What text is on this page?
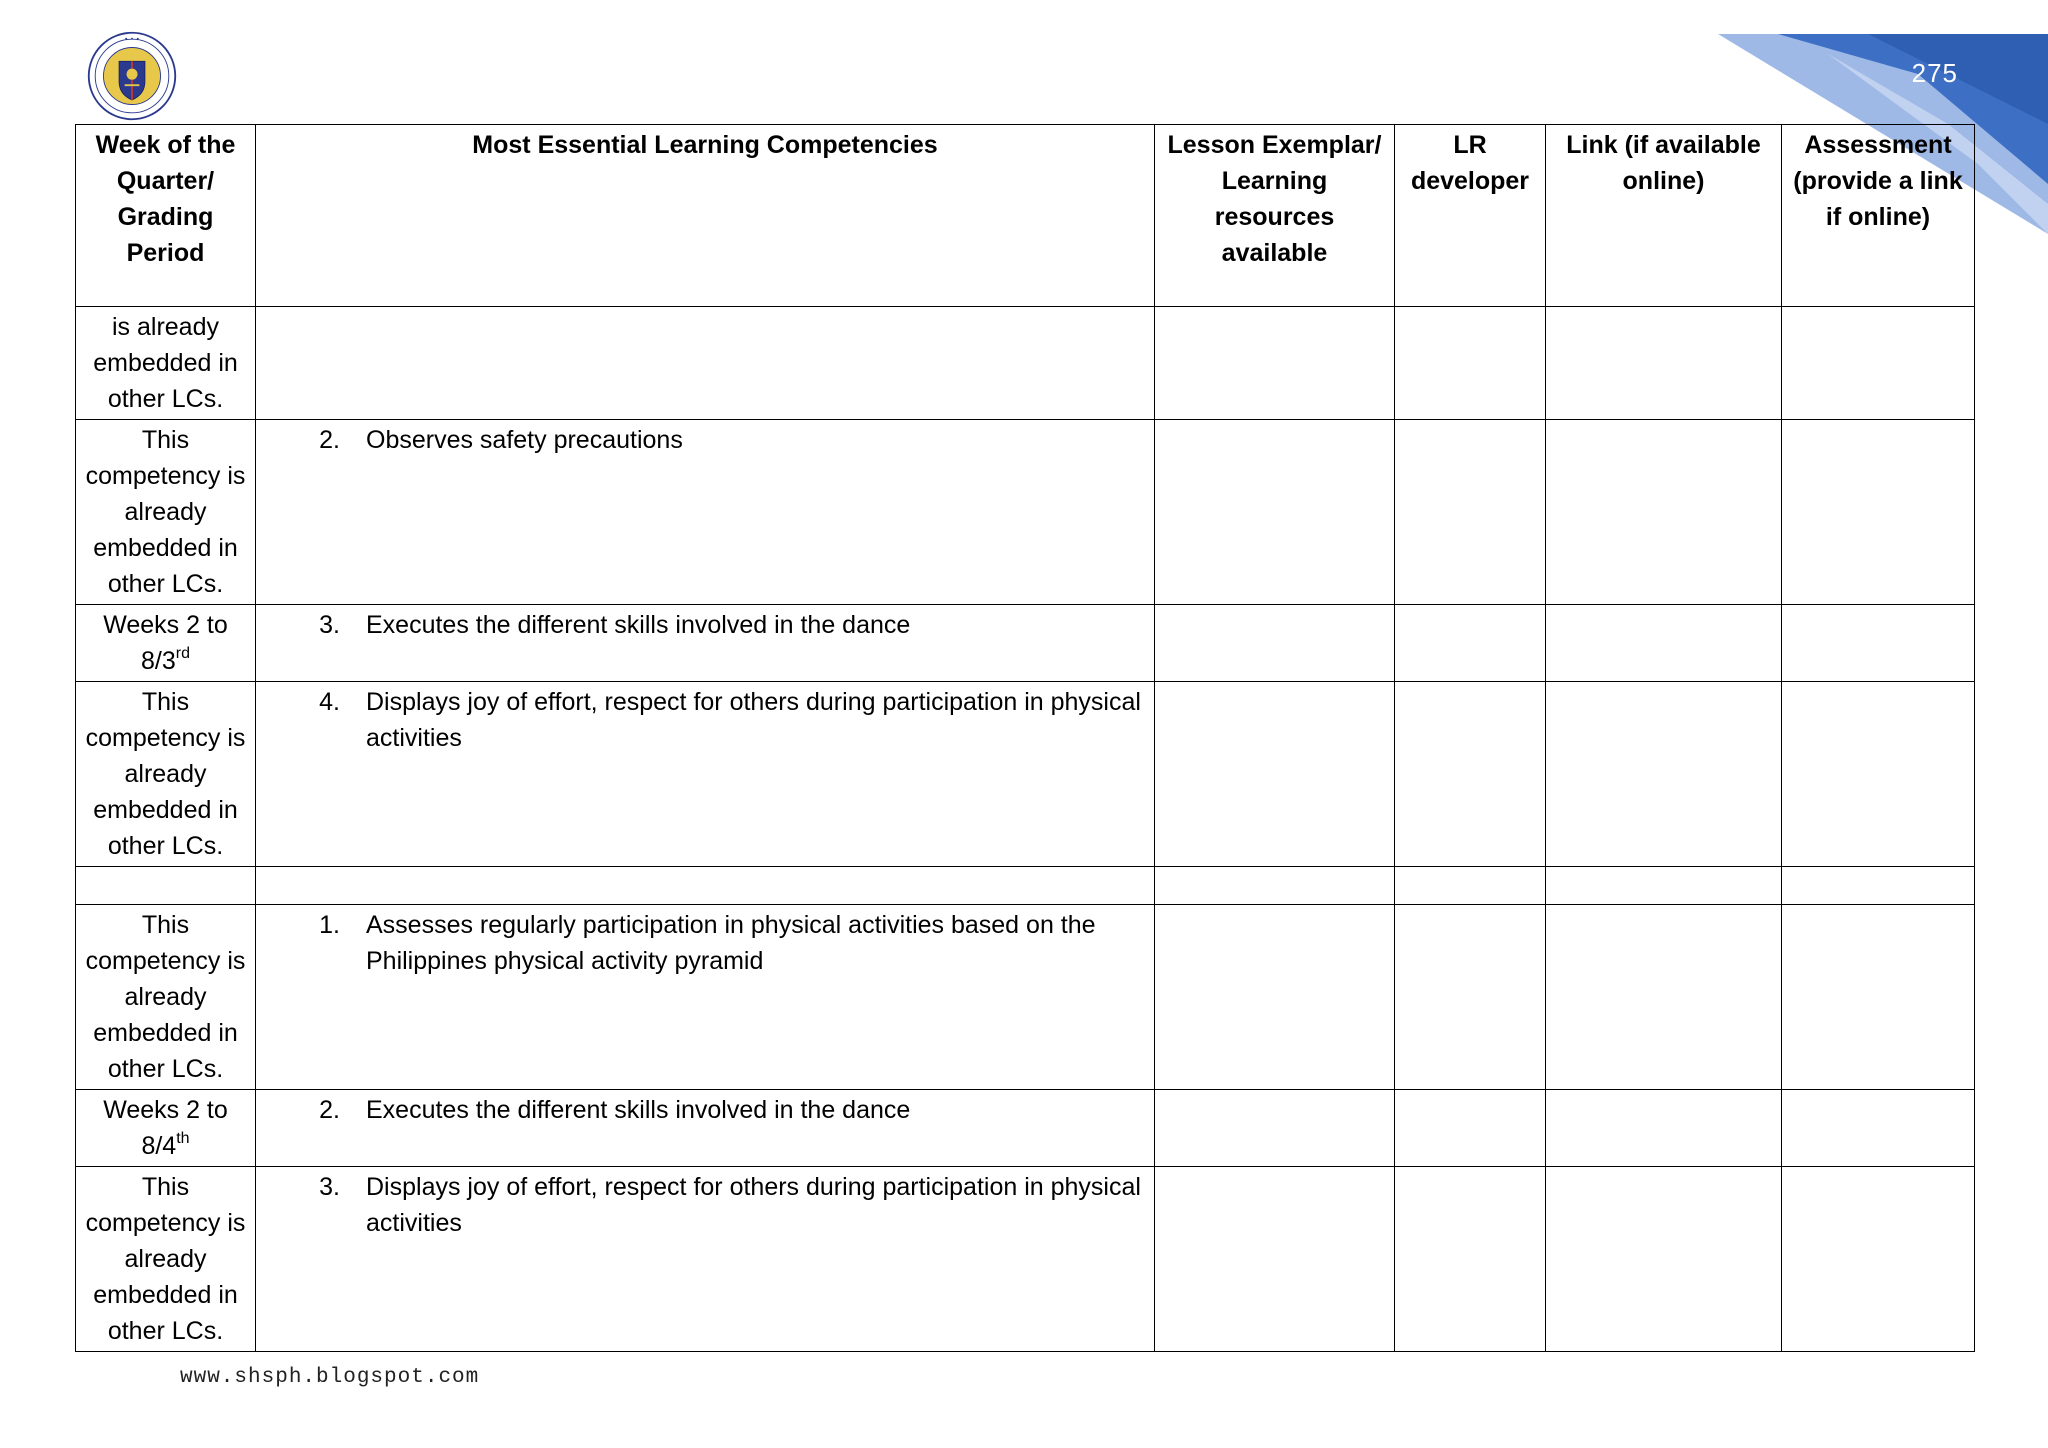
• • •
275
Week of the Quarter/ Grading Period	Most Essential Learning Competencies	Lesson Exemplar/ Learning resources available	LR developer	Link (if available online)	Assessment (provide a link if online)
is already embedded in other LCs.					
This competency is already embedded in other LCs.	2. Observes safety precautions				

Weeks 2 to 8/3rd	3. Executes the different skills involved in the dance				

This competency is already embedded in other LCs.	4. Displays joy of effort, respect for others during participation in physical activities				

This competency is already embedded in other LCs.	1. Assesses regularly participation in physical activities based on the Philippines physical activity pyramid				

Weeks 2 to 8/4th	2. Executes the different skills involved in the dance				

This competency is already embedded in other LCs.	3. Displays joy of effort, respect for others during participation in physical activities				

www.shsph.blogspot.com
